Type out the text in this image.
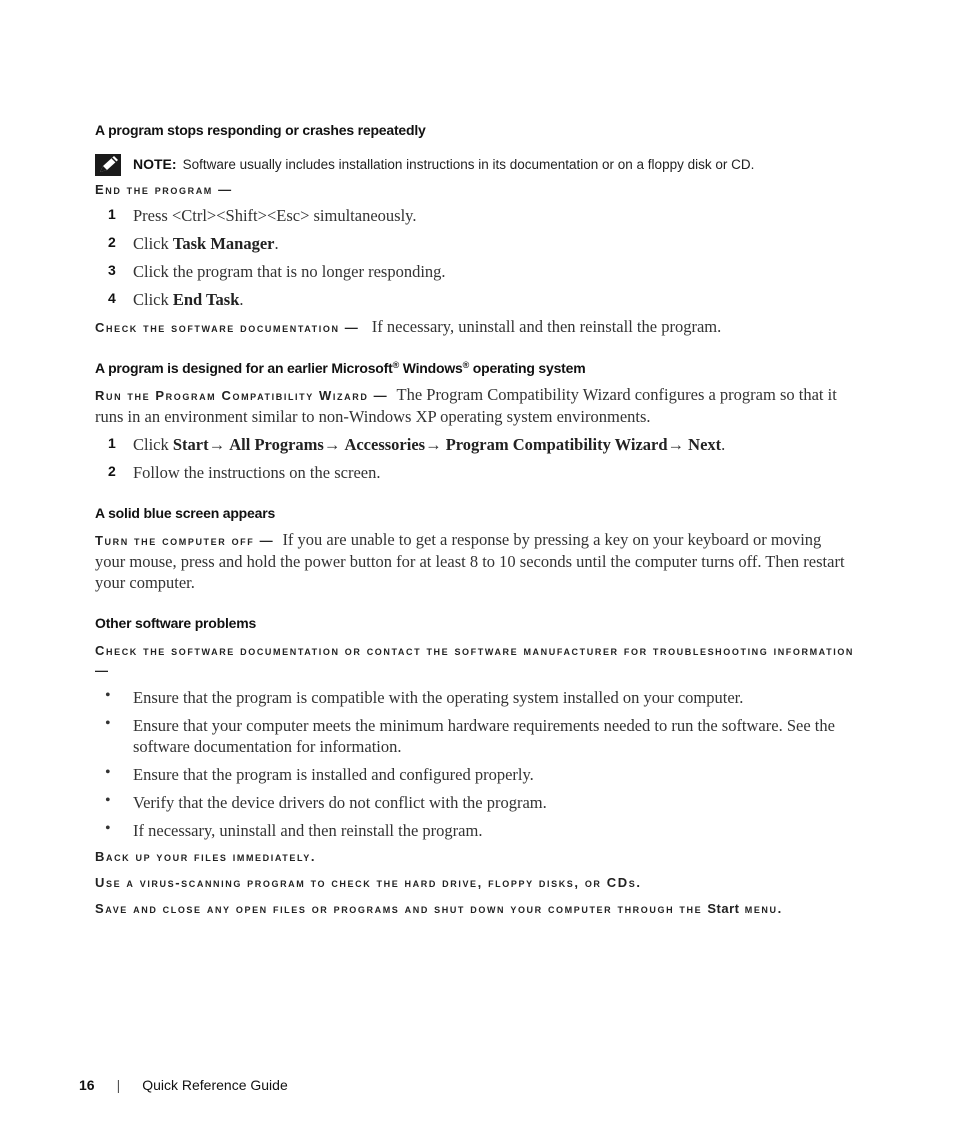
A program stops responding or crashes repeatedly
NOTE: Software usually includes installation instructions in its documentation or on a floppy disk or CD.
End the program —
1	Press <Ctrl><Shift><Esc> simultaneously.
2	Click Task Manager.
3	Click the program that is no longer responding.
4	Click End Task.

Check the software documentation — If necessary, uninstall and then reinstall the program.

A program is designed for an earlier Microsoft® Windows® operating system

Run the Program Compatibility Wizard — The Program Compatibility Wizard configures a program so that it runs in an environment similar to non-Windows XP operating system environments.

1	Click Start→ All Programs→ Accessories→ Program Compatibility Wizard→ Next.
2	Follow the instructions on the screen.
A solid blue screen appears

Turn the computer off — If you are unable to get a response by pressing a key on your keyboard or moving your mouse, press and hold the power button for at least 8 to 10 seconds until the computer turns off. Then restart your computer.

Other software problems
Check the software documentation or contact the software manufacturer for troubleshooting information —
•	Ensure that the program is compatible with the operating system installed on your computer.
•	Ensure that your computer meets the minimum hardware requirements needed to run the software. See the software documentation for information.
•	Ensure that the program is installed and configured properly.
•	Verify that the device drivers do not conflict with the program.
•	If necessary, uninstall and then reinstall the program.
Back up your files immediately.
Use a virus-scanning program to check the hard drive, floppy disks, or CDs.
Save and close any open files or programs and shut down your computer through the Start menu.
16 | Quick Reference Guide
